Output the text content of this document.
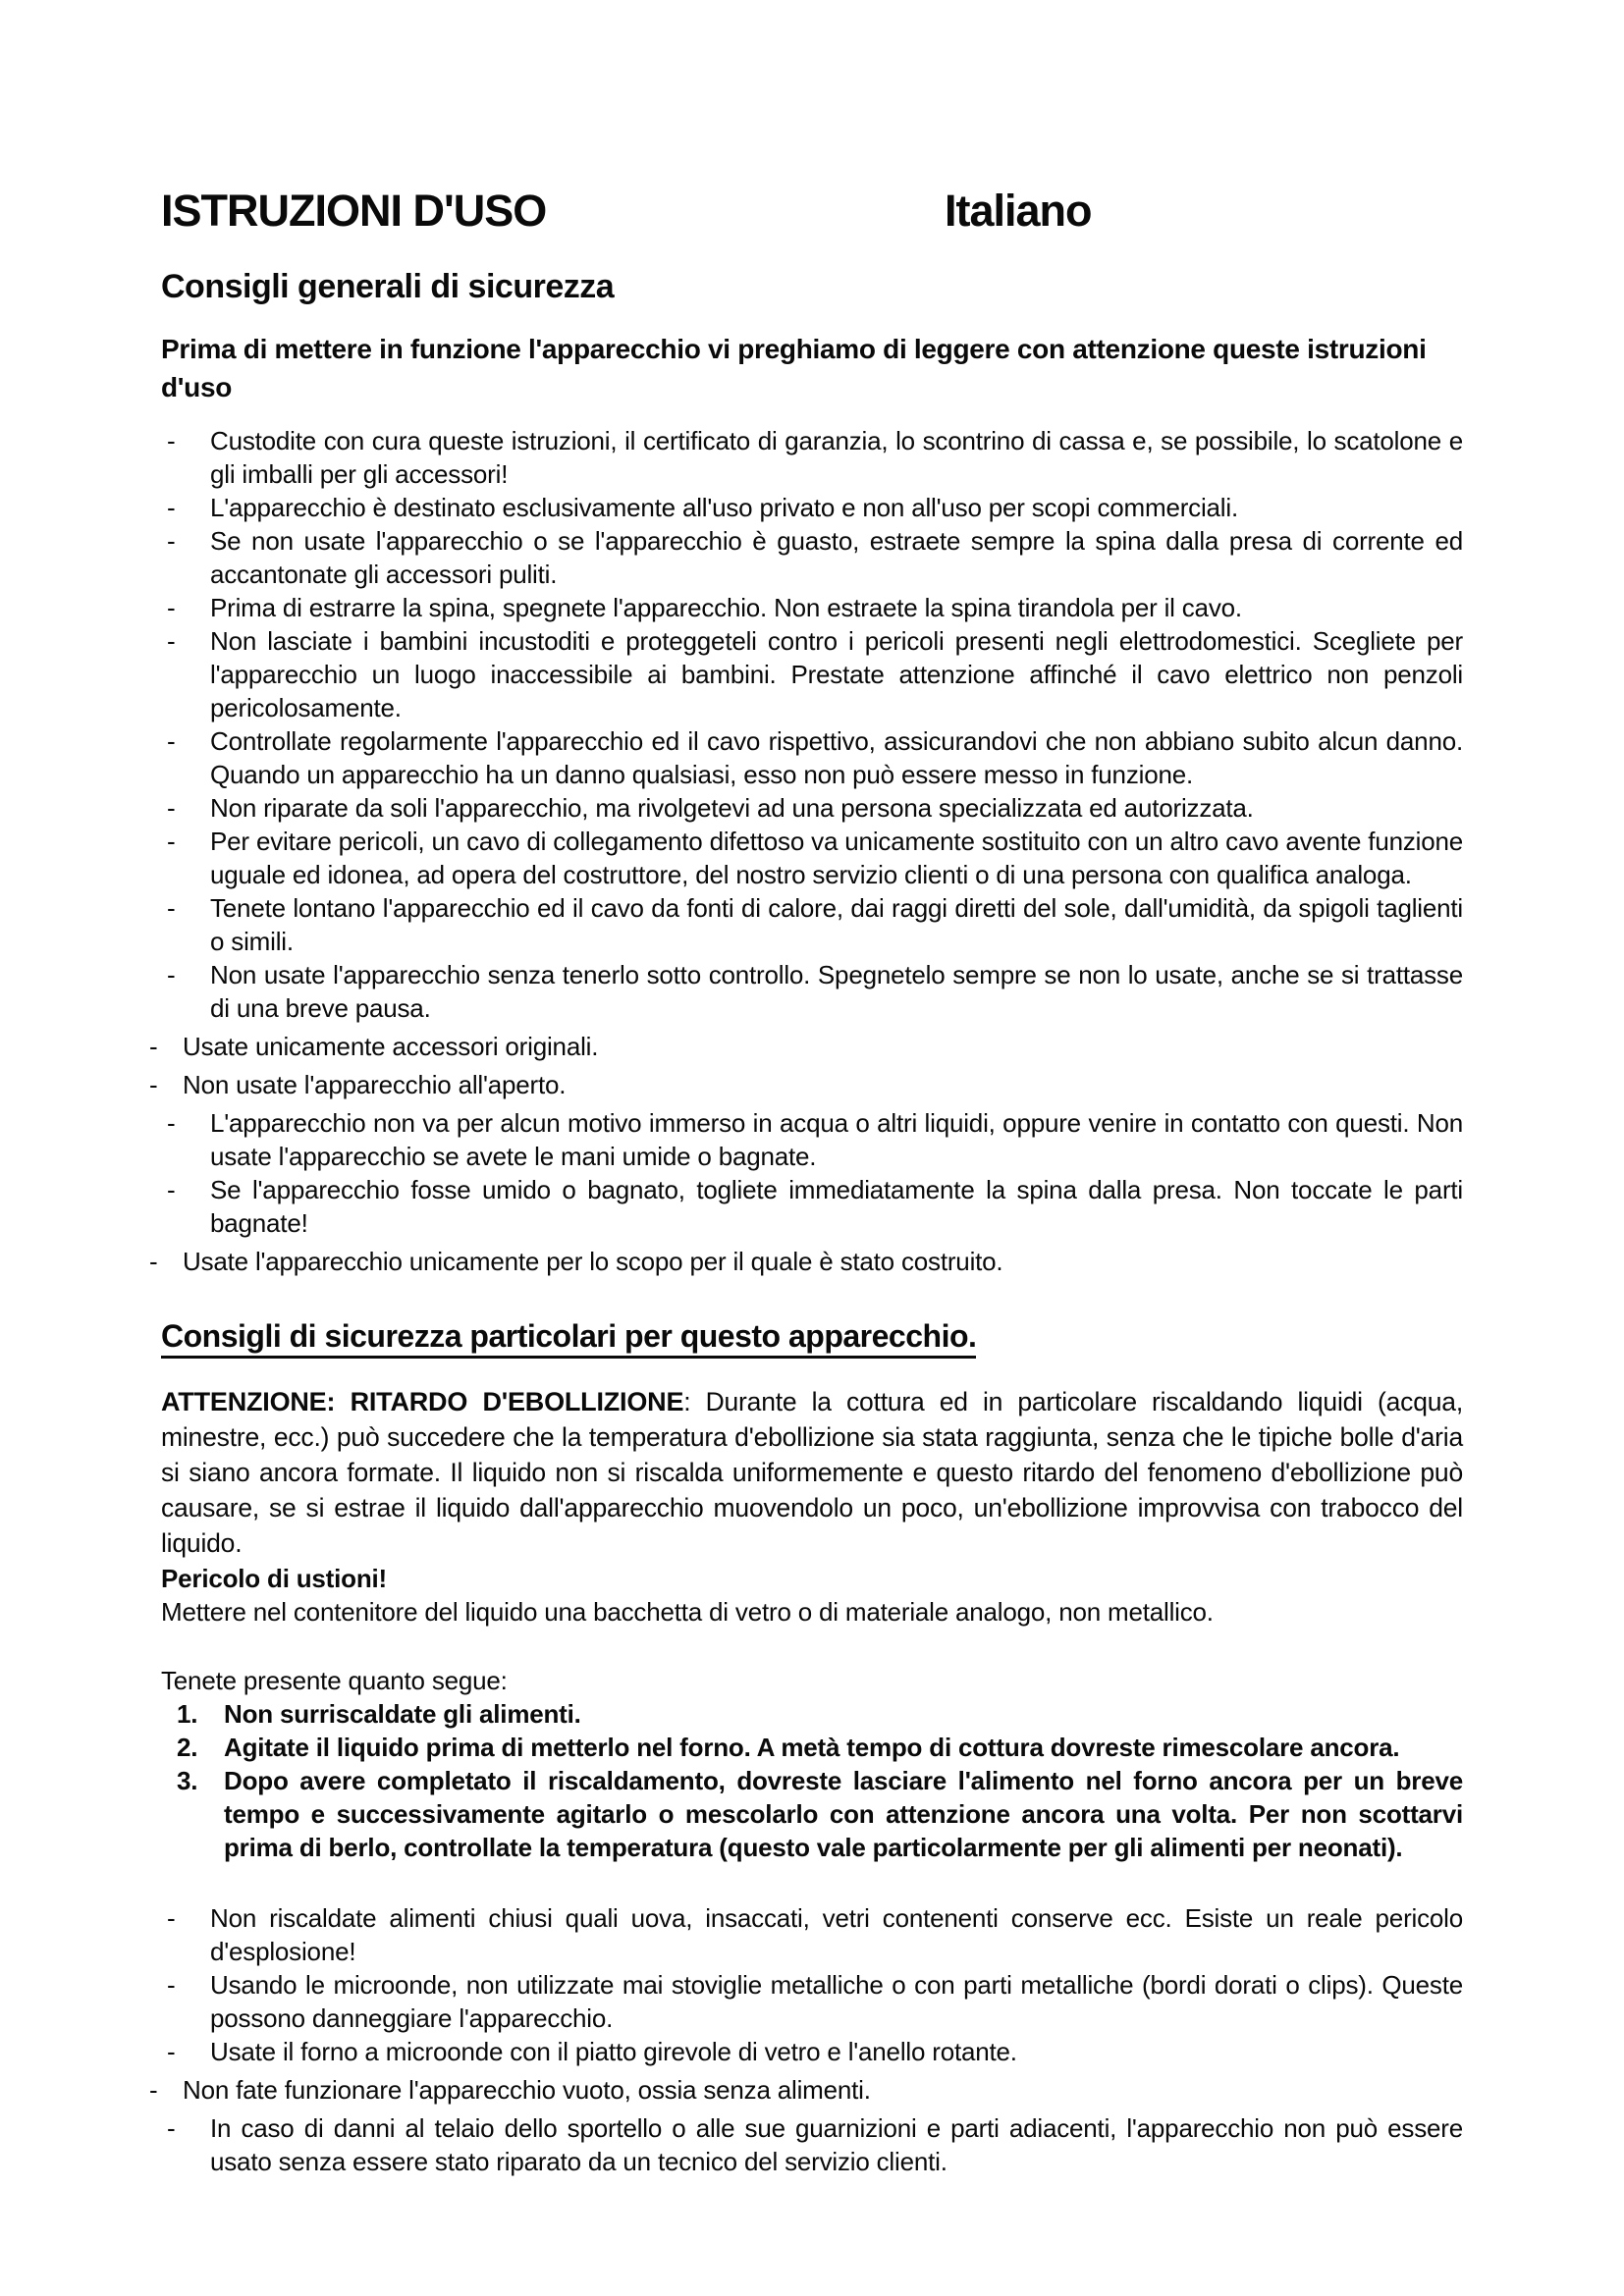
ISTRUZIONI D'USO	Italiano
Consigli generali di sicurezza

Prima di mettere in funzione l'apparecchio vi preghiamo di leggere con attenzione queste istruzioni d'uso

- Custodite con cura queste istruzioni, il certificato di garanzia, lo scontrino di cassa e, se possibile, lo scatolone e gli imballi per gli accessori!
- L'apparecchio è destinato esclusivamente all'uso privato e non all'uso per scopi commerciali.
- Se non usate l'apparecchio o se l'apparecchio è guasto, estraete sempre la spina dalla presa di corrente ed accantonate gli accessori puliti.
- Prima di estrarre la spina, spegnete l'apparecchio. Non estraete la spina tirandola per il cavo.
- Non lasciate i bambini incustoditi e proteggeteli contro i pericoli presenti negli elettrodomestici. Scegliete per l'apparecchio un luogo inaccessibile ai bambini. Prestate attenzione affinché il cavo elettrico non penzoli pericolosamente.
- Controllate regolarmente l'apparecchio ed il cavo rispettivo, assicurandovi che non abbiano subito alcun danno. Quando un apparecchio ha un danno qualsiasi, esso non può essere messo in funzione.
- Non riparate da soli l'apparecchio, ma rivolgetevi ad una persona specializzata ed autorizzata.
- Per evitare pericoli, un cavo di collegamento difettoso va unicamente sostituito con un altro cavo avente funzione uguale ed idonea, ad opera del costruttore, del nostro servizio clienti o di una persona con qualifica analoga.
- Tenete lontano l'apparecchio ed il cavo da fonti di calore, dai raggi diretti del sole, dall'umidità, da spigoli taglienti o simili.
- Non usate l'apparecchio senza tenerlo sotto controllo. Spegnetelo sempre se non lo usate, anche se si trattasse di una breve pausa.
- Usate unicamente accessori originali.
- Non usate l'apparecchio all'aperto.
- L'apparecchio non va per alcun motivo immerso in acqua o altri liquidi, oppure venire in contatto con questi. Non usate l'apparecchio se avete le mani umide o bagnate.
- Se l'apparecchio fosse umido o bagnato, togliete immediatamente la spina dalla presa. Non toccate le parti bagnate!
- Usate l'apparecchio unicamente per lo scopo per il quale è stato costruito.
Consigli di sicurezza particolari per questo apparecchio.

ATTENZIONE: RITARDO D'EBOLLIZIONE: Durante la cottura ed in particolare riscaldando liquidi (acqua, minestre, ecc.) può succedere che la temperatura d'ebollizione sia stata raggiunta, senza che le tipiche bolle d'aria si siano ancora formate. Il liquido non si riscalda uniformemente e questo ritardo del fenomeno d'ebollizione può causare, se si estrae il liquido dall'apparecchio muovendolo un poco, un'ebollizione improvvisa con trabocco del liquido.

Pericolo di ustioni!

Mettere nel contenitore del liquido una bacchetta di vetro o di materiale analogo, non metallico.

Tenete presente quanto segue:

1. Non surriscaldate gli alimenti.
2. Agitate il liquido prima di metterlo nel forno. A metà tempo di cottura dovreste rimescolare ancora.
3. Dopo avere completato il riscaldamento, dovreste lasciare l'alimento nel forno ancora per un breve tempo e successivamente agitarlo o mescolarlo con attenzione ancora una volta. Per non scottarvi prima di berlo, controllate la temperatura (questo vale particolarmente per gli alimenti per neonati).
- Non riscaldate alimenti chiusi quali uova, insaccati, vetri contenenti conserve ecc. Esiste un reale pericolo d'esplosione!
- Usando le microonde, non utilizzate mai stoviglie metalliche o con parti metalliche (bordi dorati o clips). Queste possono danneggiare l'apparecchio.
- Usate il forno a microonde con il piatto girevole di vetro e l'anello rotante.
- Non fate funzionare l'apparecchio vuoto, ossia senza alimenti.
- In caso di danni al telaio dello sportello o alle sue guarnizioni e parti adiacenti, l'apparecchio non può essere usato senza essere stato riparato da un tecnico del servizio clienti.
